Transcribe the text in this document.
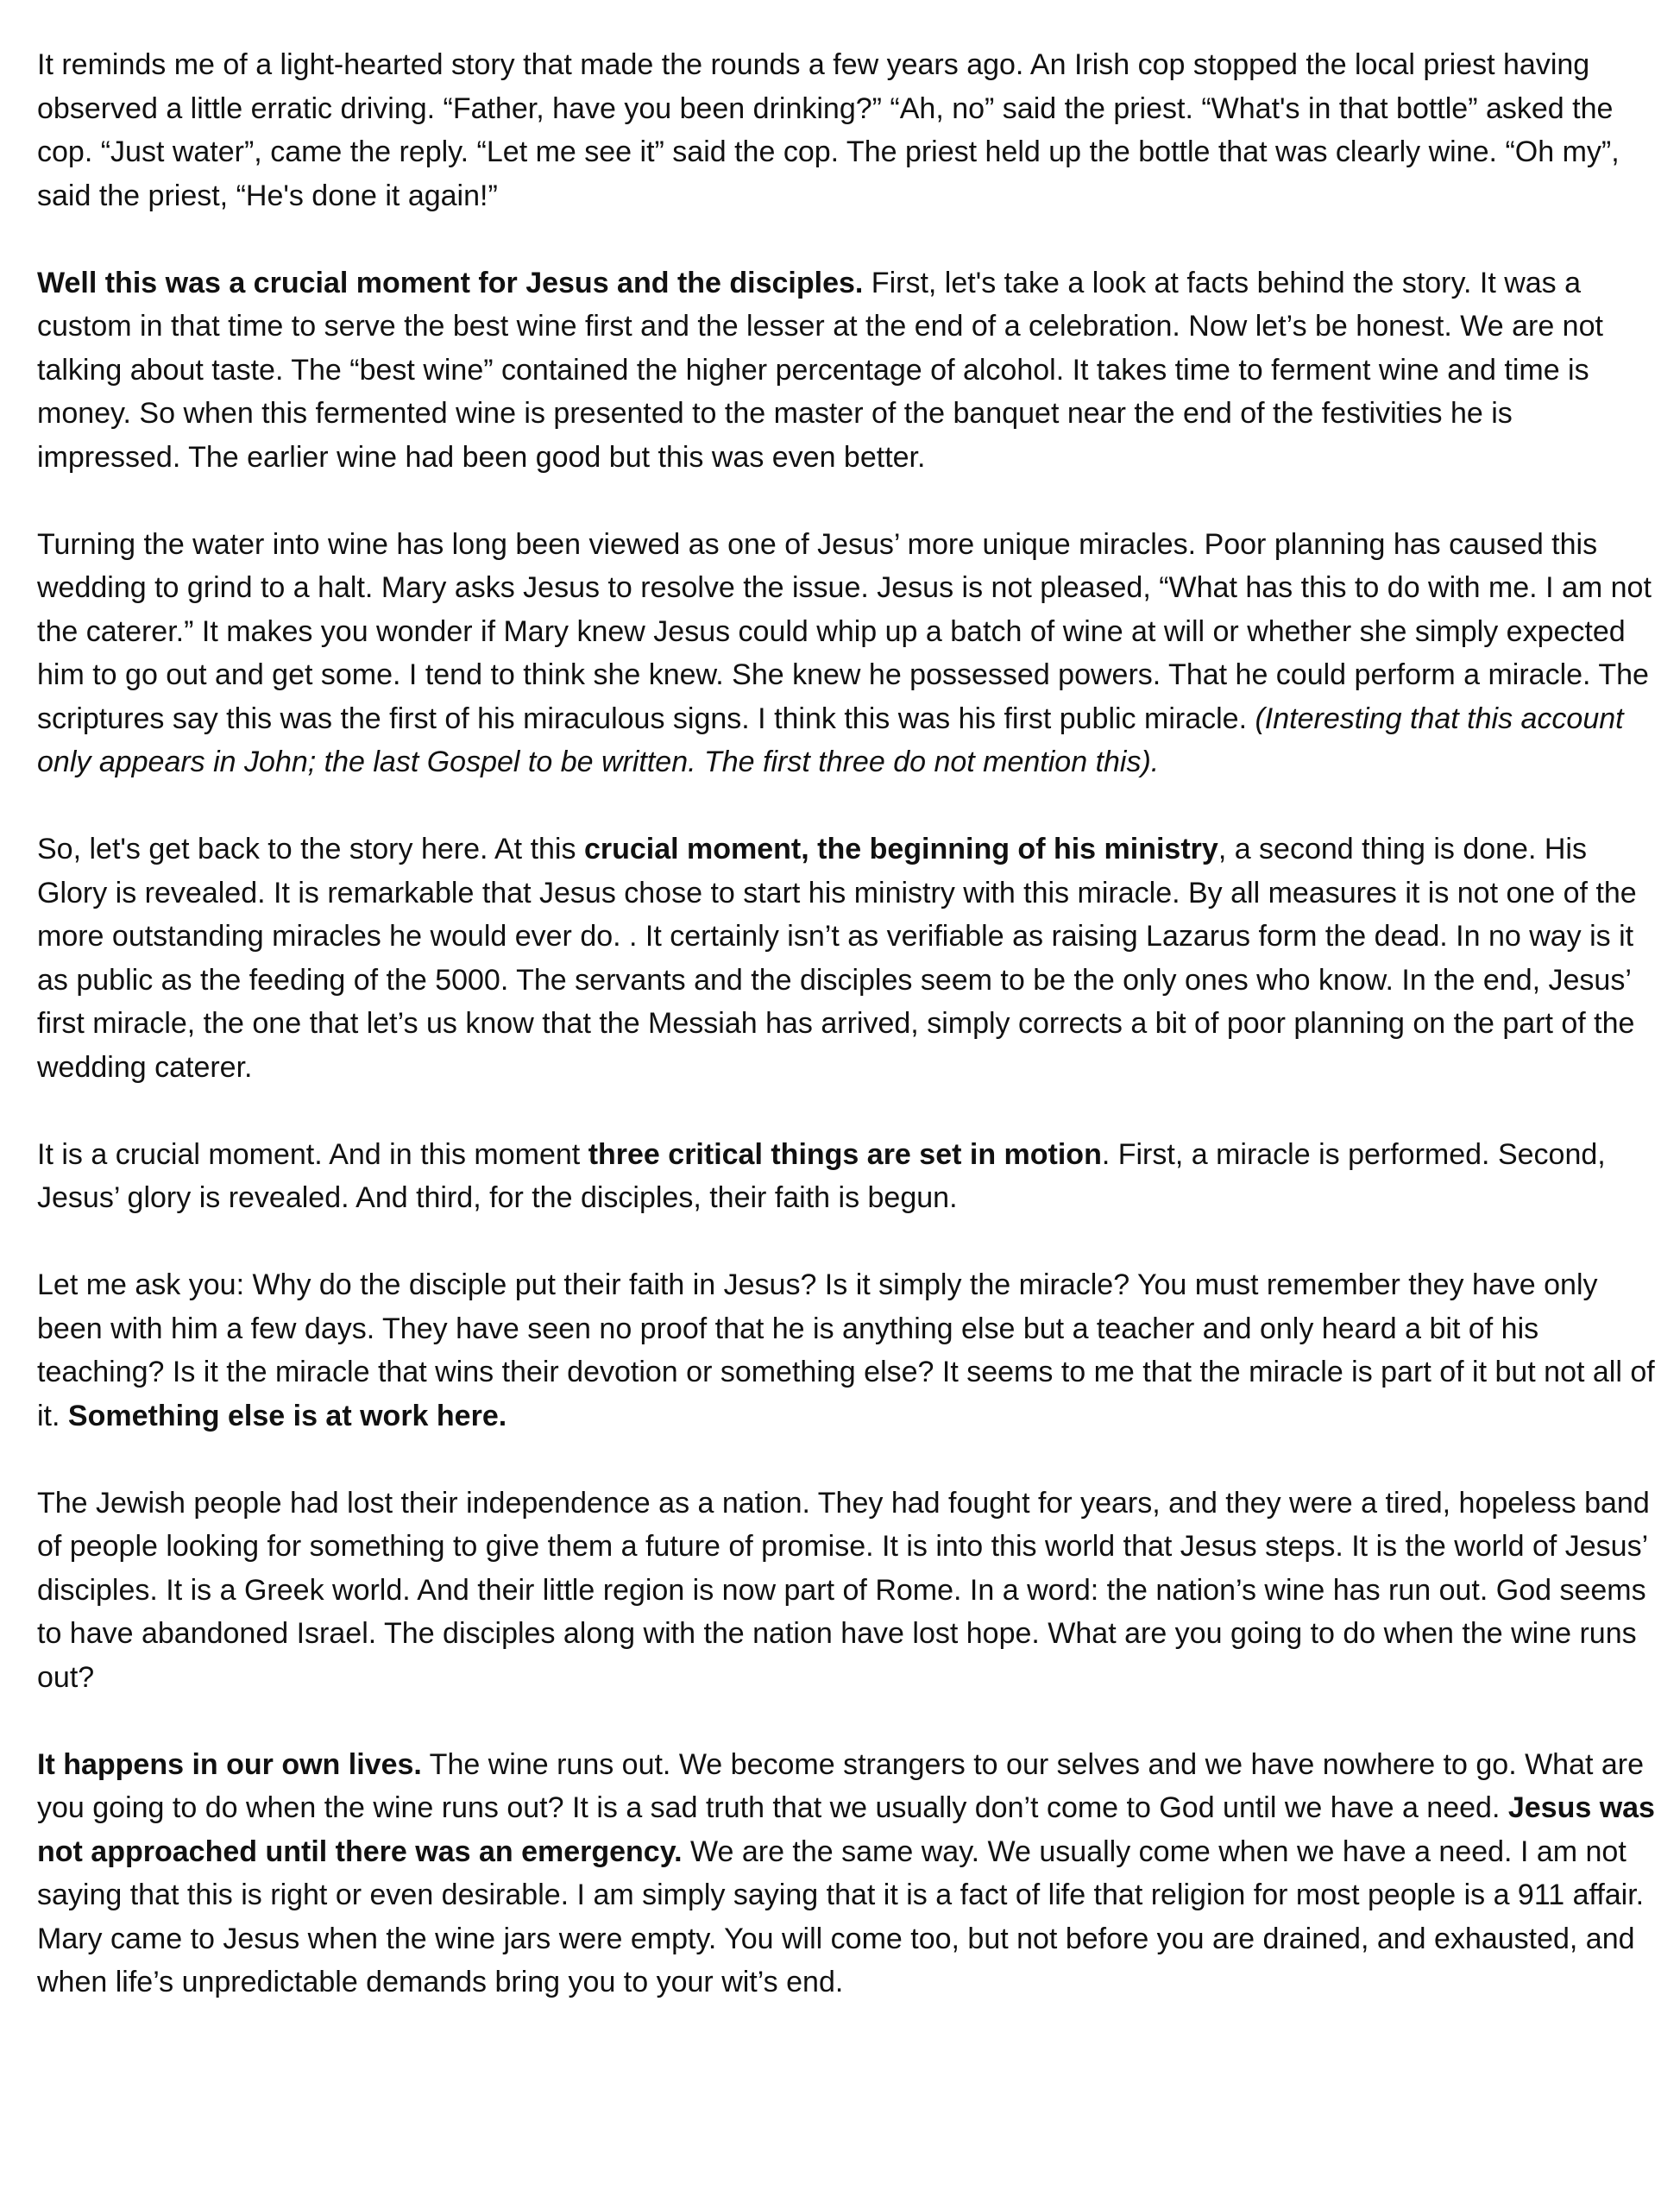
It reminds me of a light-hearted story that made the rounds a few years ago. An Irish cop stopped the local priest having observed a little erratic driving. “Father, have you been drinking?” “Ah, no” said the priest. “What's in that bottle” asked the cop. “Just water”, came the reply. “Let me see it” said the cop. The priest held up the bottle that was clearly wine. “Oh my”, said the priest, “He's done it again!”

Well this was a crucial moment for Jesus and the disciples. First, let's take a look at facts behind the story. It was a custom in that time to serve the best wine first and the lesser at the end of a celebration. Now let’s be honest. We are not talking about taste. The “best wine” contained the higher percentage of alcohol. It takes time to ferment wine and time is money. So when this fermented wine is presented to the master of the banquet near the end of the festivities he is impressed. The earlier wine had been good but this was even better.

Turning the water into wine has long been viewed as one of Jesus’ more unique miracles. Poor planning has caused this wedding to grind to a halt. Mary asks Jesus to resolve the issue. Jesus is not pleased, “What has this to do with me. I am not the caterer.” It makes you wonder if Mary knew Jesus could whip up a batch of wine at will or whether she simply expected him to go out and get some. I tend to think she knew. She knew he possessed powers. That he could perform a miracle. The scriptures say this was the first of his miraculous signs. I think this was his first public miracle. (Interesting that this account only appears in John; the last Gospel to be written. The first three do not mention this).

So, let's get back to the story here. At this crucial moment, the beginning of his ministry, a second thing is done. His Glory is revealed. It is remarkable that Jesus chose to start his ministry with this miracle. By all measures it is not one of the more outstanding miracles he would ever do. . It certainly isn’t as verifiable as raising Lazarus form the dead. In no way is it as public as the feeding of the 5000. The servants and the disciples seem to be the only ones who know. In the end, Jesus’ first miracle, the one that let’s us know that the Messiah has arrived, simply corrects a bit of poor planning on the part of the wedding caterer.

It is a crucial moment. And in this moment three critical things are set in motion. First, a miracle is performed. Second, Jesus’ glory is revealed. And third, for the disciples, their faith is begun.

Let me ask you: Why do the disciple put their faith in Jesus? Is it simply the miracle? You must remember they have only been with him a few days. They have seen no proof that he is anything else but a teacher and only heard a bit of his teaching? Is it the miracle that wins their devotion or something else? It seems to me that the miracle is part of it but not all of it. Something else is at work here.

The Jewish people had lost their independence as a nation. They had fought for years, and they were a tired, hopeless band of people looking for something to give them a future of promise. It is into this world that Jesus steps. It is the world of Jesus’ disciples. It is a Greek world. And their little region is now part of Rome. In a word: the nation’s wine has run out. God seems to have abandoned Israel. The disciples along with the nation have lost hope. What are you going to do when the wine runs out?

It happens in our own lives. The wine runs out. We become strangers to our selves and we have nowhere to go. What are you going to do when the wine runs out? It is a sad truth that we usually don’t come to God until we have a need. Jesus was not approached until there was an emergency. We are the same way. We usually come when we have a need. I am not saying that this is right or even desirable. I am simply saying that it is a fact of life that religion for most people is a 911 affair. Mary came to Jesus when the wine jars were empty. You will come too, but not before you are drained, and exhausted, and when life’s unpredictable demands bring you to your wit’s end.
